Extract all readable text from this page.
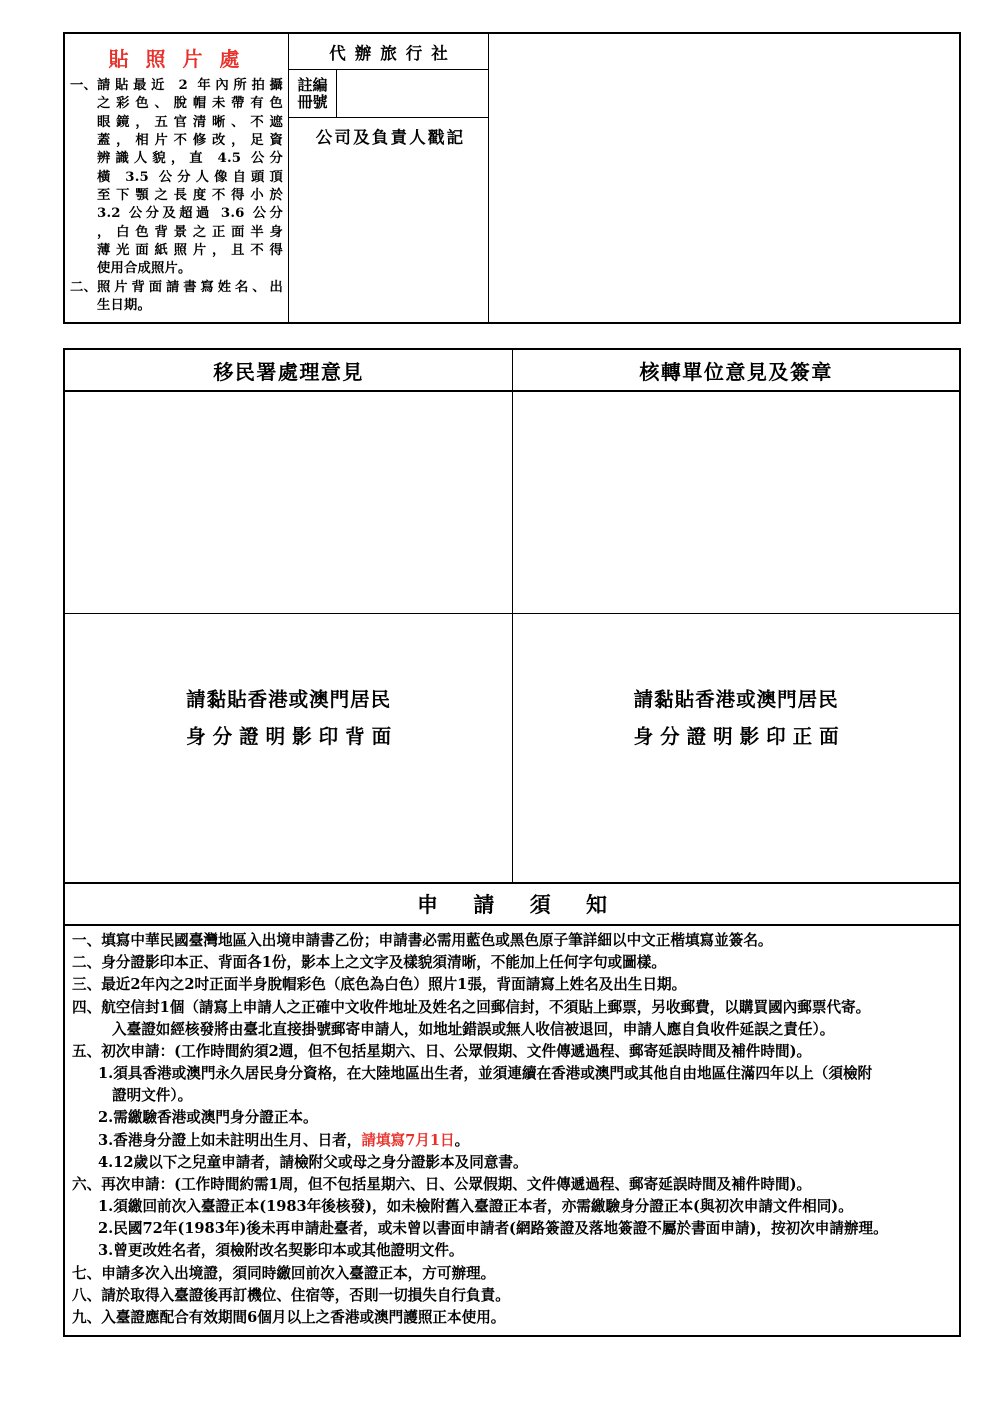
貼 照 片 處
一、 請貼最近 2 年內所拍攝
之彩色、脫帽未帶有色
眼鏡，五官清晰、不遮
蓋，相片不修改，足資
辨識人貌，直 4.5 公分
橫 3.5 公分人像自頭頂
至下顎之長度不得小於
3.2 公分及超過 3.6 公分
，白色背景之正面半身
薄光面紙照片，且不得
使用合成照片。
二、 照片背面請書寫姓名、出
生日期。
代辦旅行社
註編
冊號
公司及負責人戳記
移民署處理意見	核轉單位意見及簽章
請黏貼香港或澳門居民
身分證明影印背面
請黏貼香港或澳門居民
身分證明影印正面
申 請 須 知
一、 填寫中華民國臺灣地區入出境申請書乙份；申請書必需用藍色或黑色原子筆詳細以中文正楷填寫並簽名。
二、 身分證影印本正、背面各1份，影本上之文字及樣貌須清晰，不能加上任何字句或圖樣。
三、 最近2年內之2吋正面半身脫帽彩色（底色為白色）照片1張，背面請寫上姓名及出生日期。
四、 航空信封1個（請寫上申請人之正確中文收件地址及姓名之回郵信封，不須貼上郵票，另收郵費，以購買國內郵票代寄。
入臺證如經核發將由臺北直接掛號郵寄申請人，如地址錯誤或無人收信被退回，申請人應自負收件延誤之責任）。
五、 初次申請：(工作時間約須2週，但不包括星期六、日、公眾假期、文件傳遞過程、郵寄延誤時間及補件時間)。
1. 須具香港或澳門永久居民身分資格，在大陸地區出生者，並須連續在香港或澳門或其他自由地區住滿四年以上（須檢附
證明文件）。
2. 需繳驗香港或澳門身分證正本。
3. 香港身分證上如未註明出生月、日者，請填寫7月1日。
4. 12歲以下之兒童申請者，請檢附父或母之身分證影本及同意書。
六、 再次申請：(工作時間約需1周，但不包括星期六、日、公眾假期、文件傳遞過程、郵寄延誤時間及補件時間)。
1. 須繳回前次入臺證正本(1983年後核發)，如未檢附舊入臺證正本者，亦需繳驗身分證正本(與初次申請文件相同)。
2. 民國72年(1983年)後未再申請赴臺者，或未曾以書面申請者(網路簽證及落地簽證不屬於書面申請)，按初次申請辦理。
3. 曾更改姓名者，須檢附改名契影印本或其他證明文件。
七、 申請多次入出境證，須同時繳回前次入臺證正本，方可辦理。
八、 請於取得入臺證後再訂機位、住宿等，否則一切損失自行負責。
九、 入臺證應配合有效期間6個月以上之香港或澳門護照正本使用。
